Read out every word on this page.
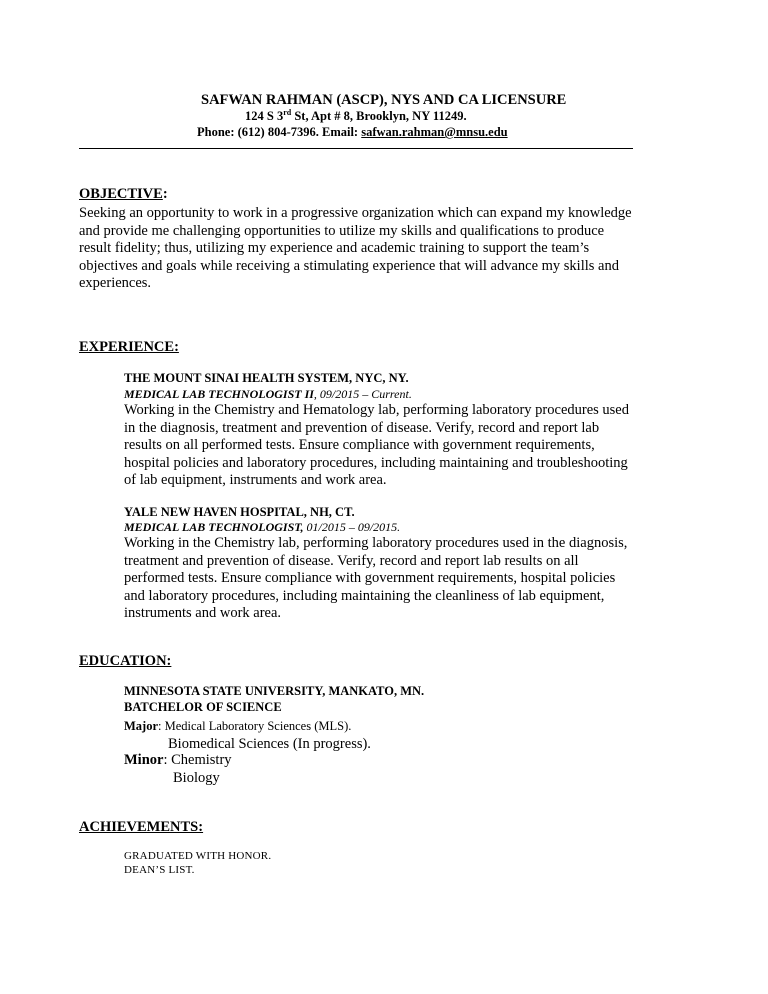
SAFWAN RAHMAN (ASCP), NYS AND CA LICENSURE
124 S 3rd St, Apt # 8, Brooklyn, NY 11249.
Phone: (612) 804-7396. Email: safwan.rahman@mnsu.edu
OBJECTIVE:
Seeking an opportunity to work in a progressive organization which can expand my knowledge
and provide me challenging opportunities to utilize my skills and qualifications to produce
result fidelity; thus, utilizing my experience and academic training to support the team’s
objectives and goals while receiving a stimulating experience that will advance my skills and
experiences.
EXPERIENCE:
THE MOUNT SINAI HEALTH SYSTEM, NYC, NY.
MEDICAL LAB TECHNOLOGIST II, 09/2015 – Current.
Working in the Chemistry and Hematology lab, performing laboratory procedures used
in the diagnosis, treatment and prevention of disease. Verify, record and report lab
results on all performed tests. Ensure compliance with government requirements,
hospital policies and laboratory procedures, including maintaining and troubleshooting
of lab equipment, instruments and work area.
YALE NEW HAVEN HOSPITAL, NH, CT.
MEDICAL LAB TECHNOLOGIST, 01/2015 – 09/2015.
Working in the Chemistry lab, performing laboratory procedures used in the diagnosis,
treatment and prevention of disease. Verify, record and report lab results on all
performed tests. Ensure compliance with government requirements, hospital policies
and laboratory procedures, including maintaining the cleanliness of lab equipment,
instruments and work area.
EDUCATION:
MINNESOTA STATE UNIVERSITY, MANKATO, MN.
BATCHELOR OF SCIENCE
Major: Medical Laboratory Sciences (MLS).
Biomedical Sciences (In progress).
Minor: Chemistry
Biology
ACHIEVEMENTS:
GRADUATED WITH HONOR.
DEAN’S LIST.
